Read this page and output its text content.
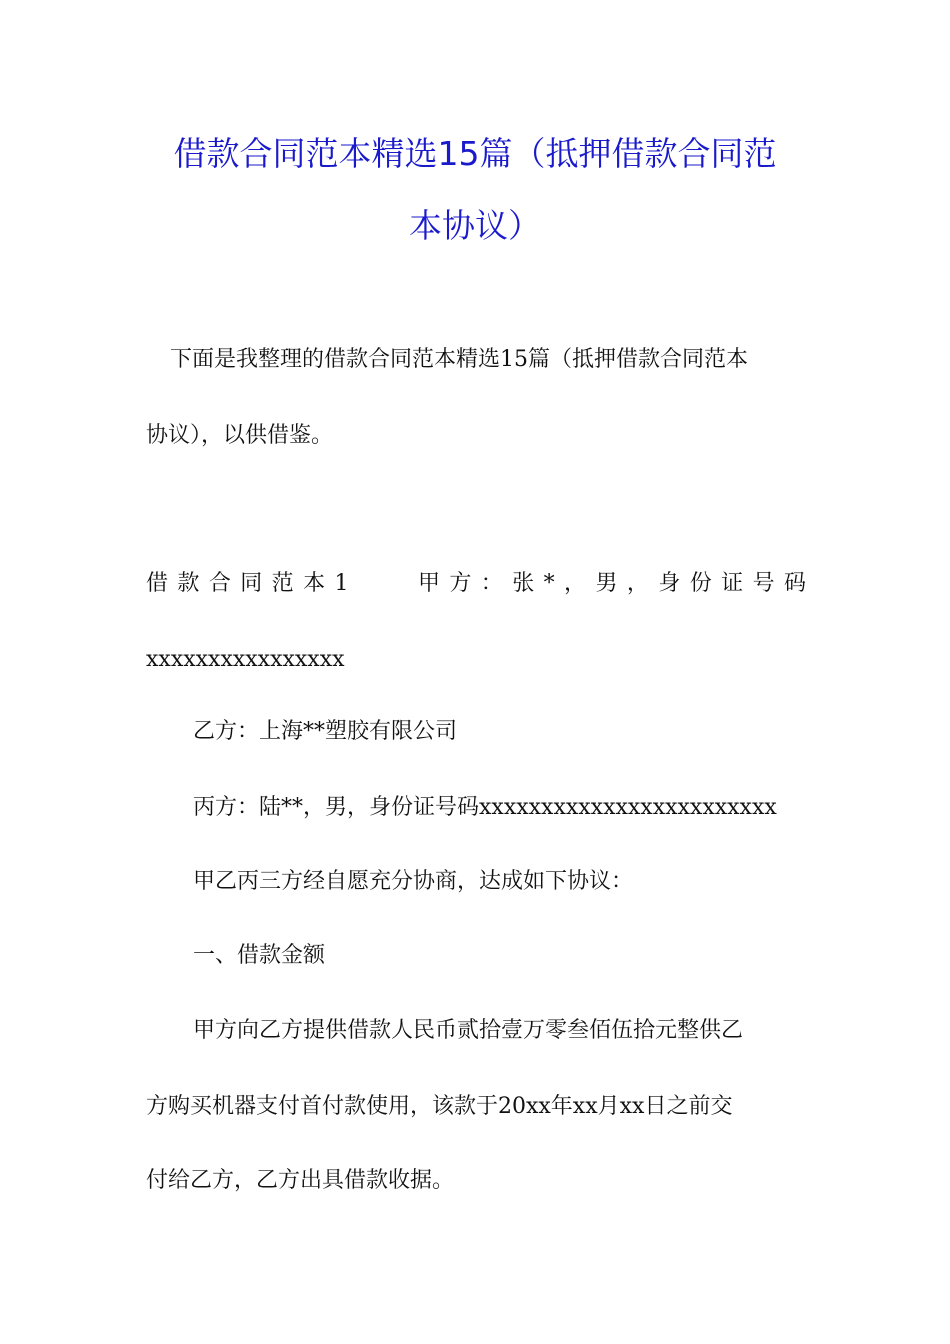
借款合同范本精选15篇（抵押借款合同范
本协议）

下面是我整理的借款合同范本精选15篇（抵押借款合同范本

协议），以供借鉴。

借款合同范本1	甲方：张*，男，身份证号码

xxxxxxxxxxxxxxxx

乙方：上海**塑胶有限公司

丙方：陆**，男，身份证号码xxxxxxxxxxxxxxxxxxxxxxxx

甲乙丙三方经自愿充分协商，达成如下协议：

一、借款金额

甲方向乙方提供借款人民币贰拾壹万零叁佰伍拾元整供乙

方购买机器支付首付款使用，该款于20xx年xx月xx日之前交

付给乙方，乙方出具借款收据。
